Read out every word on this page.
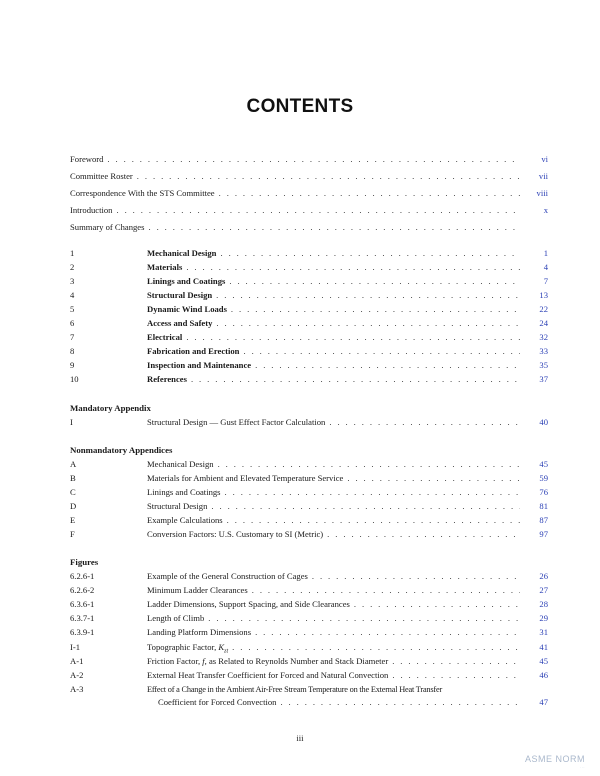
CONTENTS
Foreword . . .	vi
Committee Roster . . .	vii
Correspondence With the STS Committee . . .	viii
Introduction . . .	x
Summary of Changes
. . .
1	Mechanical Design . . .	1
2	Materials . . .	4
3	Linings and Coatings . . .	7
4	Structural Design . . .	13
5	Dynamic Wind Loads . . .	22
6	Access and Safety . . .	24
7	Electrical . . .	32
8	Fabrication and Erection . . .	33
9	Inspection and Maintenance . . .	35
10	References . . .	37
Mandatory Appendix
I	Structural Design — Gust Effect Factor Calculation . . .	40
Nonmandatory Appendices
A	Mechanical Design . . .	45
B	Materials for Ambient and Elevated Temperature Service . . .	59
C	Linings and Coatings . . .	76
D	Structural Design . . .	81
E	Example Calculations . . .	87
F	Conversion Factors: U.S. Customary to SI (Metric) . . .	97
Figures
6.2.6-1	Example of the General Construction of Cages . . .	26
6.2.6-2	Minimum Ladder Clearances . . .	27
6.3.6-1	Ladder Dimensions, Support Spacing, and Side Clearances . . .	28
6.3.7-1	Length of Climb . . .	29
6.3.9-1	Landing Platform Dimensions . . .	31
I-1	Topographic Factor, $K_{zt}$ . . .	41
A-1	Friction Factor, f, as Related to Reynolds Number and Stack Diameter . . .	45
A-2	External Heat Transfer Coefficient for Forced and Natural Convection . . .	46
A-3	Effect of a Change in the Ambient Air-Free Stream Temperature on the External Heat Transfer
Coefficient for Forced Convection . . .	47
iii
ASME NORM
...
